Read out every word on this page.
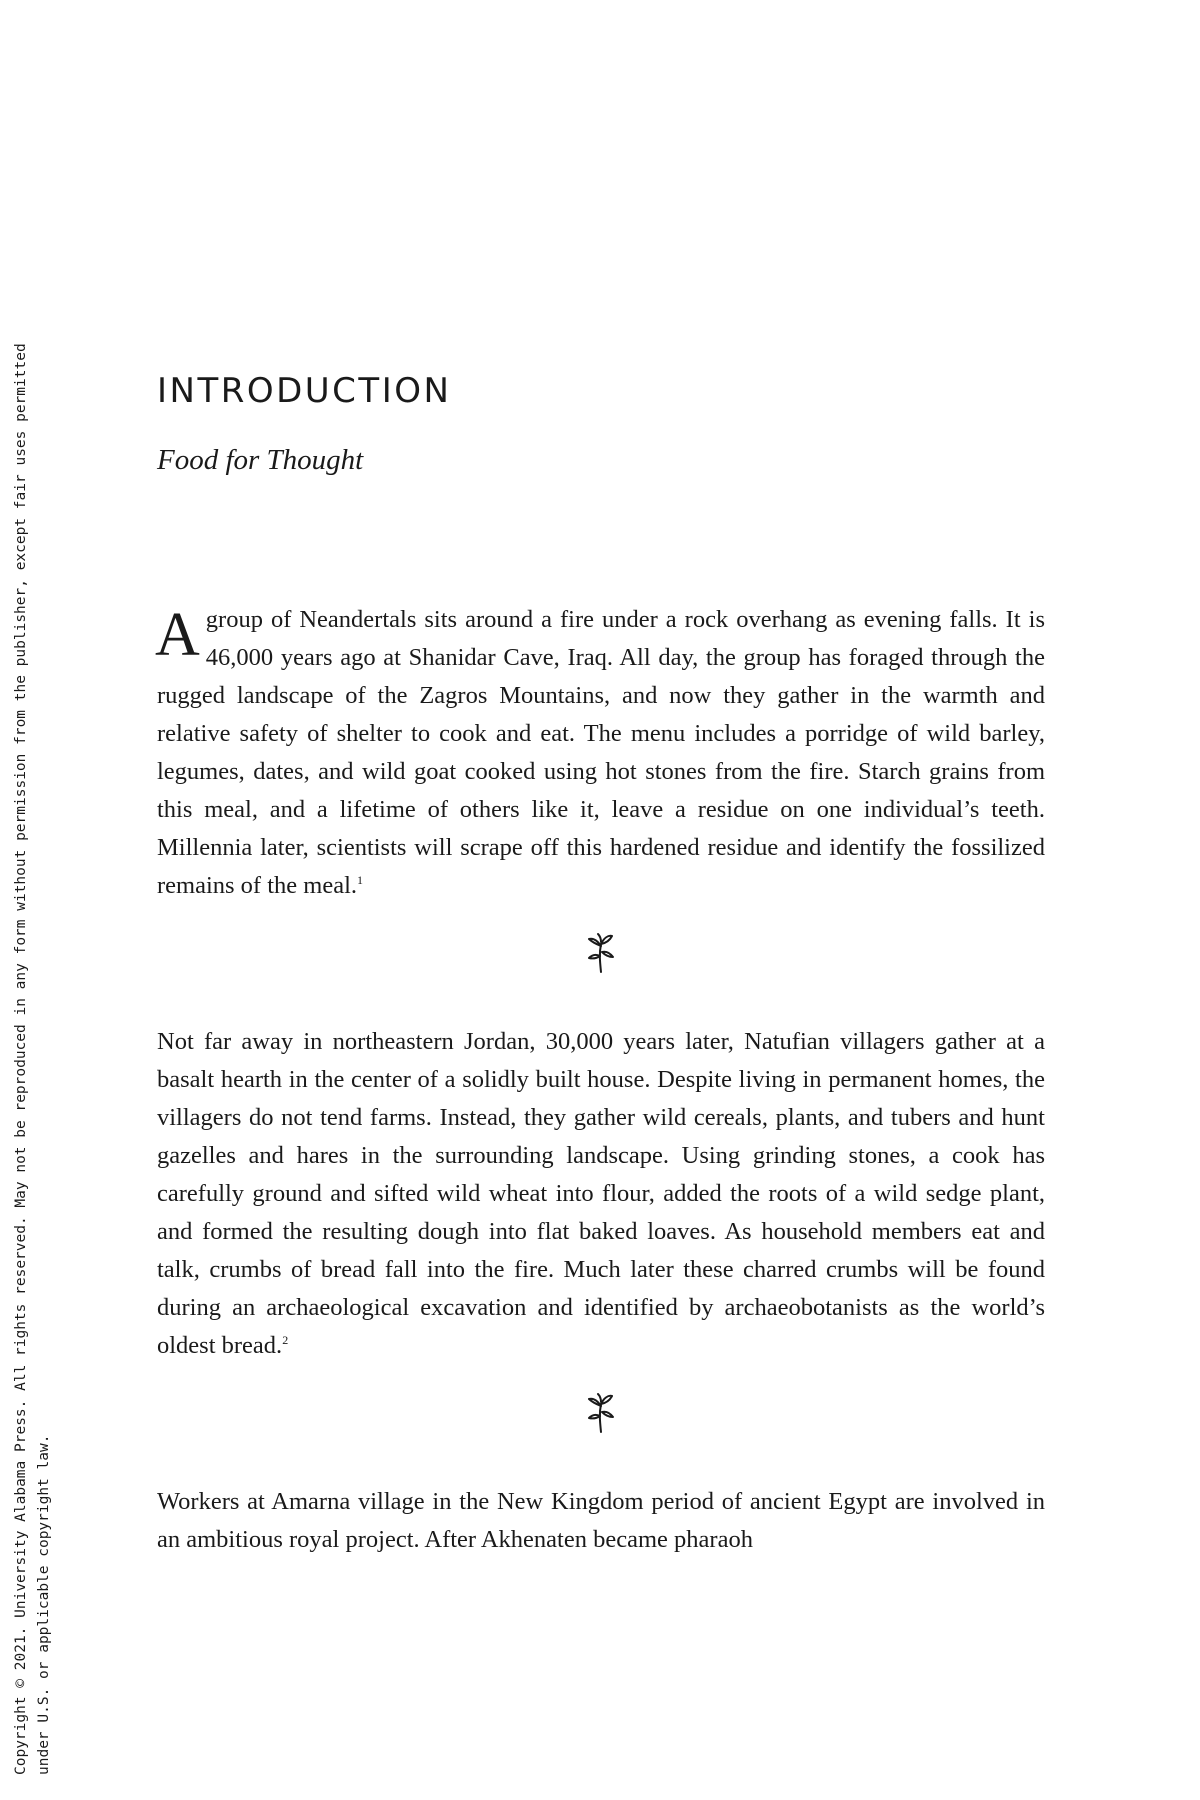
Copyright © 2021. University Alabama Press. All rights reserved. May not be reproduced in any form without permission from the publisher, except fair uses permitted under U.S. or applicable copyright law.
INTRODUCTION
Food for Thought

A group of Neandertals sits around a fire under a rock overhang as evening falls. It is 46,000 years ago at Shanidar Cave, Iraq. All day, the group has foraged through the rugged landscape of the Zagros Mountains, and now they gather in the warmth and relative safety of shelter to cook and eat. The menu includes a porridge of wild barley, legumes, dates, and wild goat cooked using hot stones from the fire. Starch grains from this meal, and a lifetime of others like it, leave a residue on one individual’s teeth. Millennia later, scientists will scrape off this hardened residue and identify the fossilized remains of the meal.$^1$

Not far away in northeastern Jordan, 30,000 years later, Natufian villagers gather at a basalt hearth in the center of a solidly built house. Despite living in permanent homes, the villagers do not tend farms. Instead, they gather wild cereals, plants, and tubers and hunt gazelles and hares in the surrounding landscape. Using grinding stones, a cook has carefully ground and sifted wild wheat into flour, added the roots of a wild sedge plant, and formed the resulting dough into flat baked loaves. As household members eat and talk, crumbs of bread fall into the fire. Much later these charred crumbs will be found during an archaeological excavation and identified by archaeobotanists as the world’s oldest bread.$^2$

Workers at Amarna village in the New Kingdom period of ancient Egypt are involved in an ambitious royal project. After Akhenaten became pharaoh
